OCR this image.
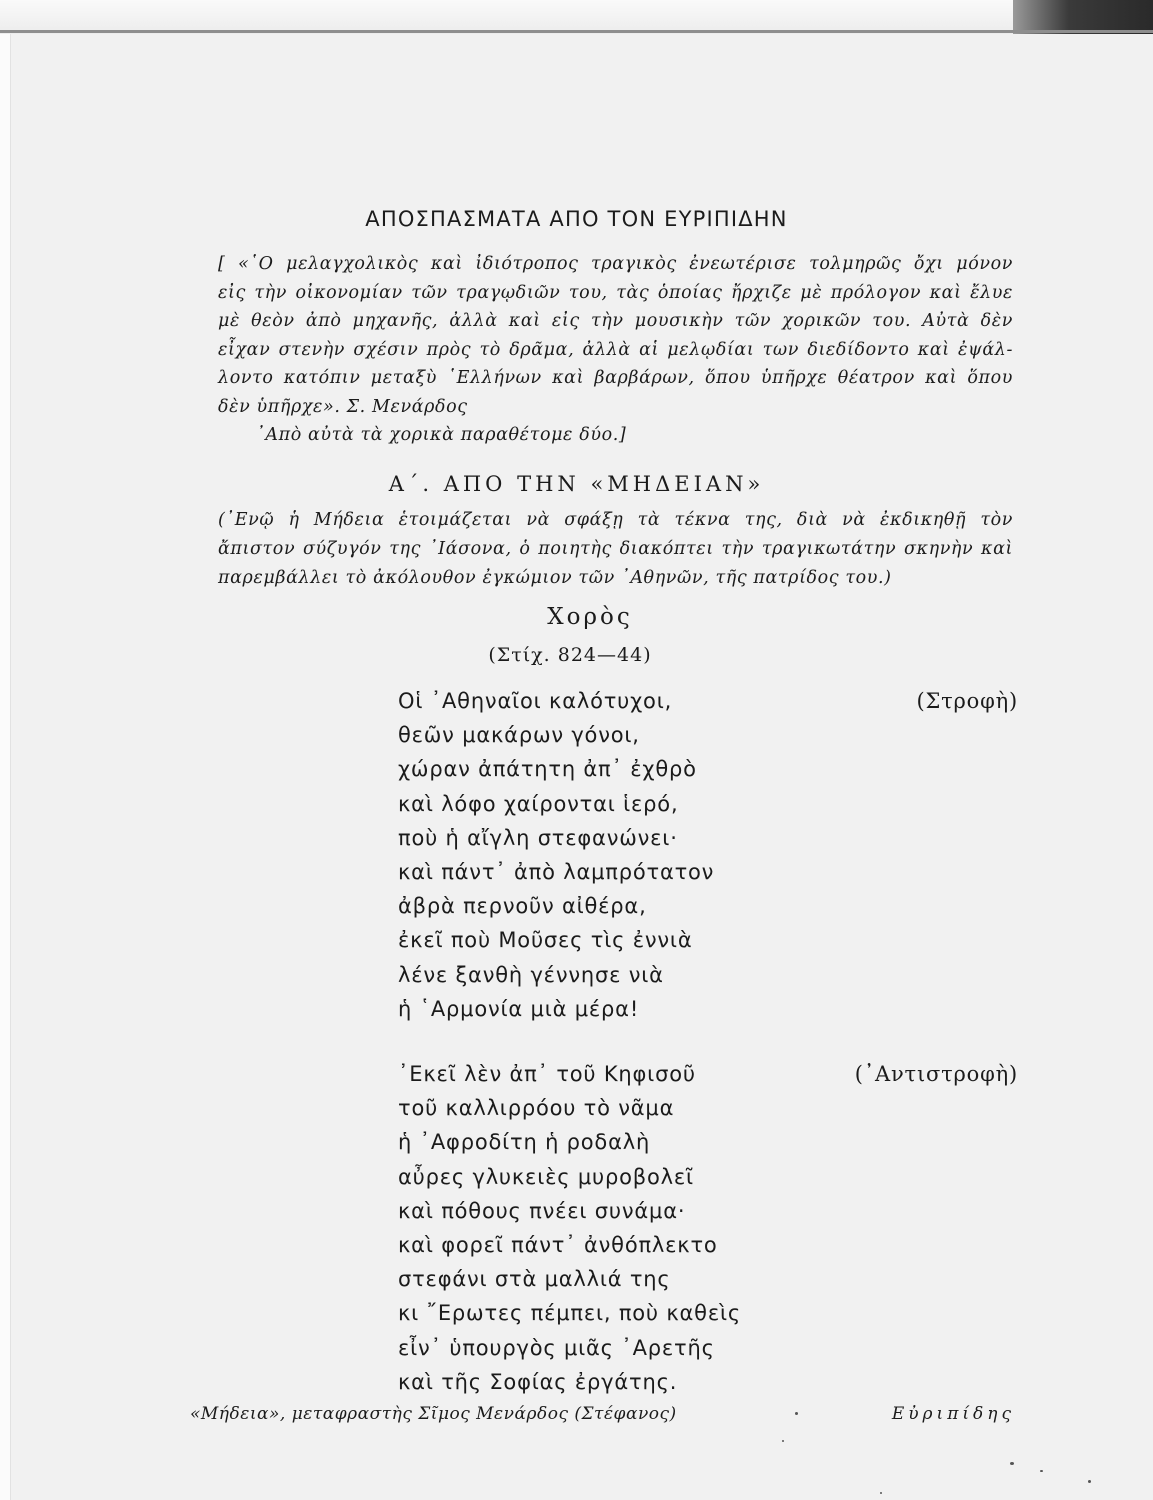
ΑΠΟΣΠΑΣΜΑΤΑ ΑΠΟ ΤΟΝ ΕΥΡΙΠΙΔΗΝ
[ «῾Ο μελαγχολικὸς καὶ ἰδιότροπος τραγικὸς ἐνεωτέρισε τολμηρῶς ὄχι μόνον
εἰς τὴν οἰκονομίαν τῶν τραγῳδιῶν του, τὰς ὁποίας ἤρχιζε μὲ πρόλογον καὶ ἔλυε
μὲ θεὸν ἀπὸ μηχανῆς, ἀλλὰ καὶ εἰς τὴν μουσικὴν τῶν χορικῶν του. Αὐτὰ δὲν
εἶχαν στενὴν σχέσιν πρὸς τὸ δρᾶμα, ἀλλὰ αἱ μελῳδίαι των διεδίδοντο καὶ ἐψάλ-
λοντο κατόπιν μεταξὺ ῾Ελλήνων καὶ βαρβάρων, ὅπου ὑπῆρχε θέατρον καὶ ὅπου
δὲν ὑπῆρχε». Σ. Μενάρδος
᾿Απὸ αὐτὰ τὰ χορικὰ παραθέτομε δύο.]
Α΄. ΑΠΟ ΤΗΝ «ΜΗΔΕΙΑΝ»
(᾿Ενῷ ἡ Μήδεια ἑτοιμάζεται νὰ σφάξῃ τὰ τέκνα της, διὰ νὰ ἐκδικηθῇ τὸν
ἄπιστον σύζυγόν της ᾿Ιάσονα, ὁ ποιητὴς διακόπτει τὴν τραγικωτάτην σκηνὴν καὶ
παρεμβάλλει τὸ ἀκόλουθον ἐγκώμιον τῶν ᾿Αθηνῶν, τῆς πατρίδος του.)
Χορὸς
(Στίχ. 824—44)
(Στροφὴ)
Οἱ ᾿Αθηναῖοι καλότυχοι,
θεῶν μακάρων γόνοι,
χώραν ἀπάτητη ἀπ᾿ ἐχθρὸ
καὶ λόφο χαίρονται ἱερό,
ποὺ ἡ αἴγλη στεφανώνει·
καὶ πάντ᾿ ἀπὸ λαμπρότατον
ἀβρὰ περνοῦν αἰθέρα,
ἐκεῖ ποὺ Μοῦσες τὶς ἐννιὰ
λένε ξανθὴ γέννησε νιὰ
ἡ ῾Αρμονία μιὰ μέρα!
(᾿Αντιστροφὴ)
᾿Εκεῖ λὲν ἀπ᾿ τοῦ Κηφισοῦ
τοῦ καλλιρρόου τὸ νᾶμα
ἡ ᾿Αφροδίτη ἡ ροδαλὴ
αὖρες γλυκειὲς μυροβολεῖ
καὶ πόθους πνέει συνάμα·
καὶ φορεῖ πάντ᾿ ἀνθόπλεκτο
στεφάνι στὰ μαλλιά της
κι ῎Ερωτες πέμπει, ποὺ καθεὶς
εἶν᾿ ὑπουργὸς μιᾶς ᾿Αρετῆς
καὶ τῆς Σοφίας ἐργάτης.
«Μήδεια», μεταφραστὴς Σῖμος Μενάρδος (Στέφανος)	Εὐριπίδης
